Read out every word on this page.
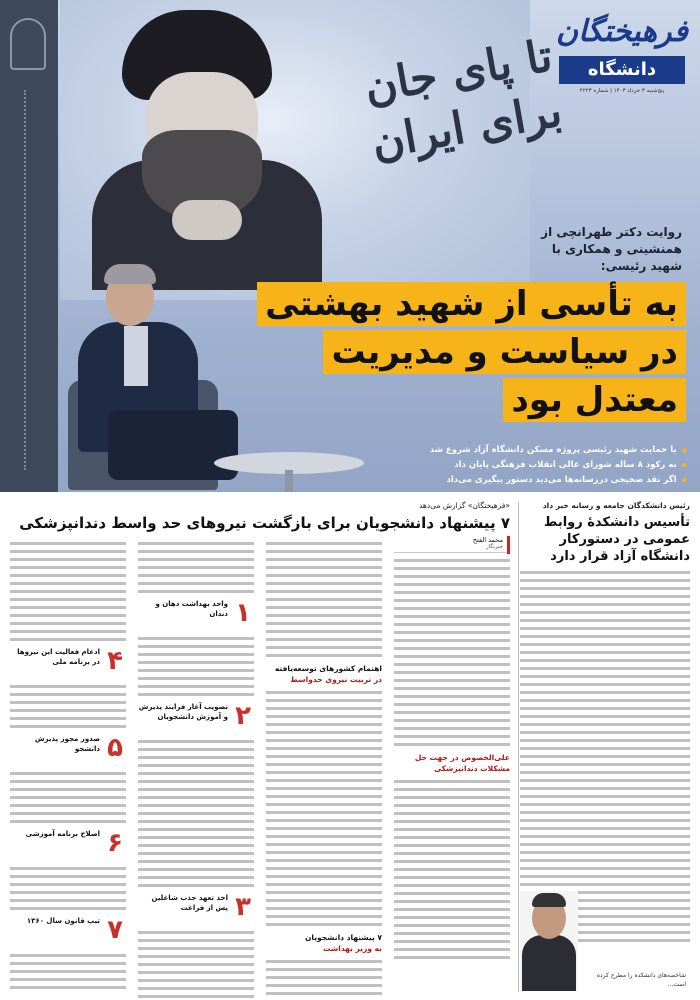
تا پای جان برای ایران
فرهیختگان
دانشگاه
پنج‌شنبه ۳ خرداد ۱۴۰۳ | شماره ۴۲۲۳
روایت دکتر طهرانچی از همنشینی و همکاری با شهید رئیسی:
به تأسی از شهید بهشتی
در سیاست و مدیریت
معتدل بود
◀ با حمایت شهید رئیسی پروژه مسکن دانشگاه آزاد شروع شد
◀ به رکود ۸ ساله شورای عالی انقلاب فرهنگی پایان داد
◀ اگر نقد صحیحی دررسانه‌ها می‌دید دستور پیگیری می‌داد
رئیس دانشکدگان جامعه و رسانه خبر داد
تأسیس دانشکدهٔ روابط عمومی در دستورکار دانشگاه آزاد قرار دارد
شاخصه‌های دانشکده را مطرح کرده است...
«فرهیختگان» گزارش می‌دهد
۷ پیشنهاد دانشجویان برای بازگشت نیروهای حد واسط دندانپزشکی
محمد الفتح
خبرنگار
علی‌الخصوص در جهت حل مشکلات دندانپزشکی
اهتمام کشورهای توسعه‌یافته
در تربیت نیروی حدواسط
۷ پیشنهاد دانشجویان
به وزیر بهداشت
۱
واحد بهداشت دهان و دندان
۲
تصویب آغاز فرایند پذیرش و آموزش دانشجویان
۳
اخذ تعهد جذب شاغلین پس از فراغت
۴
ادغام فعالیت این نیروها در برنامه ملی
۵
صدور مجوز پذیرش دانشجو
۶
اصلاح برنامه آموزشی
۷
تیپ قانون سال ۱۳۶۰
